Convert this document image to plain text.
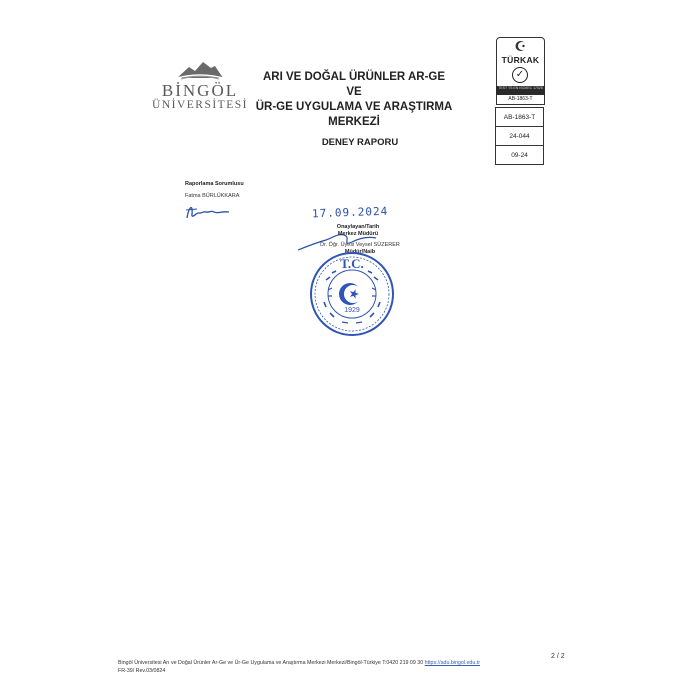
BİNGÖL
ÜNİVERSİTESİ
ARI VE DOĞAL ÜRÜNLER AR-GE VE
ÜR-GE UYGULAMA VE ARAŞTIRMA
MERKEZİ
DENEY RAPORU
TÜRKAK
✓
TEST TS EN ISO/IEC 17025
AB-1863-T
AB-1863-T
24-044
09-24
Raporlama Sorumlusu
Fatma BÜRLÜKKARA
17.09.2024
Onaylayan/Tarih
Merkez Müdürü
Dr. Öğr. Üyesi Veysel SÜZERER
Müdür/Naib
T.C.
1929
Bingöl Üniversitesi Arı ve Doğal Ürünler Ar-Ge ve Ür-Ge Uygulama ve Araştırma Merkezi Merkezi/Bingöl-Türkiye T:0420 219 09 30 https://adu.bingol.edu.tr
FR-39/ Rev.03/0824
2 / 2
